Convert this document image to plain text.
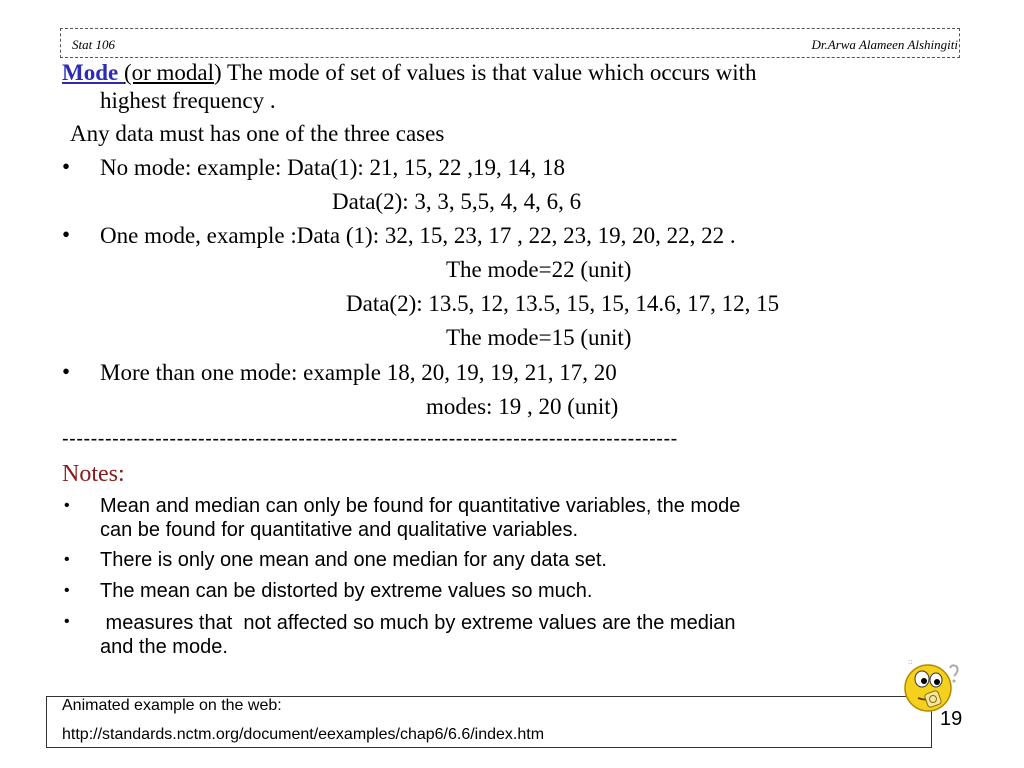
Stat 106	Dr.Arwa Alameen Alshingiti
Mode (or modal) The mode of set of values is that value which occurs with
highest frequency .
Any data must has one of the three cases
• No mode: example: Data(1): 21, 15, 22 ,19, 14, 18
Data(2): 3, 3, 5,5, 4, 4, 6, 6
• One mode, example :Data (1): 32, 15, 23, 17 , 22, 23, 19, 20, 22, 22 .
The mode=22 (unit)
Data(2): 13.5, 12, 13.5, 15, 15, 14.6, 17, 12, 15
The mode=15 (unit)
• More than one mode: example 18, 20, 19, 19, 21, 17, 20
modes: 19 , 20 (unit)
--------------------------------------------------------------------------------------
Notes:
• Mean and median can only be found for quantitative variables, the mode
can be found for quantitative and qualitative variables.
• There is only one mean and one median for any data set.
• The mean can be distorted by extreme values so much.
• measures that  not affected so much by extreme values are the median
and the mode.
Animated example on the web:
http://standards.nctm.org/document/eexamples/chap6/6.6/index.htm
::
19
